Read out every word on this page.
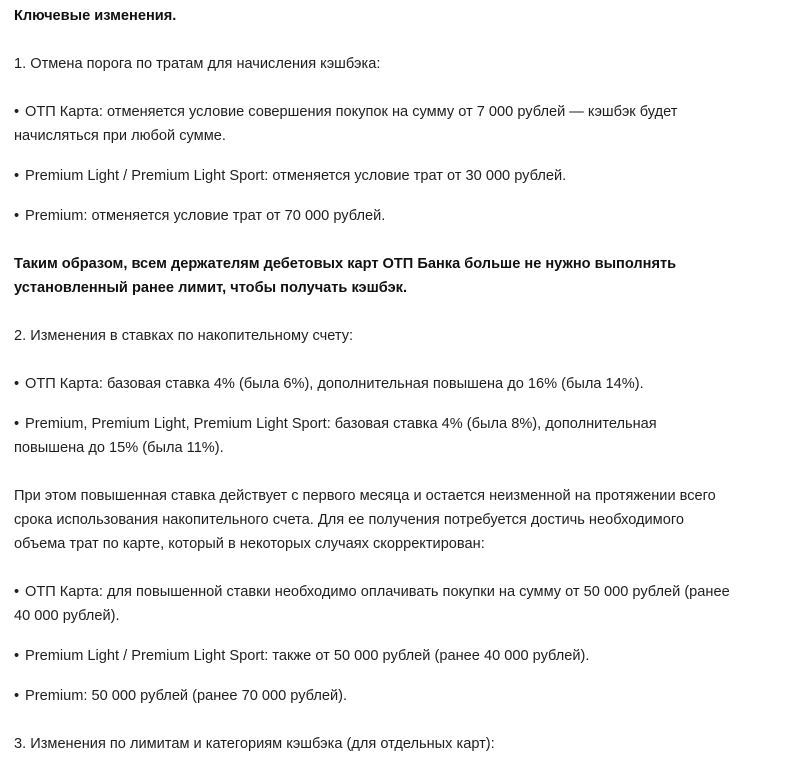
Ключевые изменения.

1. Отмена порога по тратам для начисления кэшбэка:

• ОТП Карта: отменяется условие совершения покупок на сумму от 7 000 рублей — кэшбэк будет

начисляться при любой сумме.

• Premium Light / Premium Light Sport: отменяется условие трат от 30 000 рублей.

• Premium: отменяется условие трат от 70 000 рублей.

Таким образом, всем держателям дебетовых карт ОТП Банка больше не нужно выполнять

установленный ранее лимит, чтобы получать кэшбэк.

2. Изменения в ставках по накопительному счету:

• ОТП Карта: базовая ставка 4% (была 6%), дополнительная повышена до 16% (была 14%).

• Premium, Premium Light, Premium Light Sport: базовая ставка 4% (была 8%), дополнительная

повышена до 15% (была 11%).

При этом повышенная ставка действует с первого месяца и остается неизменной на протяжении всего

срока использования накопительного счета. Для ее получения потребуется достичь необходимого

объема трат по карте, который в некоторых случаях скорректирован:

• ОТП Карта: для повышенной ставки необходимо оплачивать покупки на сумму от 50 000 рублей (ранее

40 000 рублей).

• Premium Light / Premium Light Sport: также от 50 000 рублей (ранее 40 000 рублей).

• Premium: 50 000 рублей (ранее 70 000 рублей).

3. Изменения по лимитам и категориям кэшбэка (для отдельных карт):
